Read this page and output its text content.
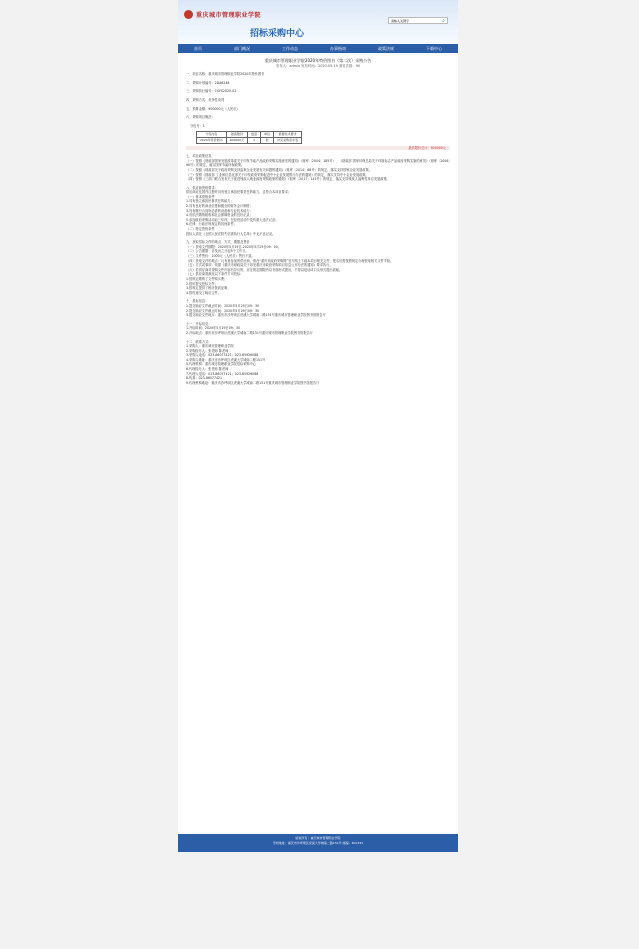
重庆城市管理职业学院
招标采购中心
请输入关键字	⌕
首页	部门概况	工作动态	办事指南	政策法规	下载中心
重庆城市管理职业学院2020年特价图书（第二次）采购公告
发布人：admin 发布时间：2020-05-19 浏览次数：90
一、项目名称：重庆城市管理职业学院2020年特价图书
二、采购计划编号：2DA6248
三、采购执行编号：CSYS2020-02
四、采购方式：竞争性谈判
五、预算金额：900000元（人民币）
六、采购项目概况：
分包号：1
分包内容	最高限价	数量	单位	最要技术要求
2020年特价图书	900000元	1	批	详见采购需求表
最高限价总计：900000元
七、项目政策信息
（一）按照《财政部国家发展改革委关于印发节能产品政府采购实施意见的通知》（财库〔2004〕185号）、《财政部 国家环保总局关于环境标志产品政府采购实施的意见》（财库〔2006〕90号）的规定，落实国家节能环保政策。
（二）按照《财政部关于政府采购支持监狱企业发展有关问题的通知》（财库〔2014〕68号）的规定，落实支持国家企业发展政策。
（三）按照《财政部 工业和信息化部关于印发政府采购促进中小企业发展暂行办法的通知》的规定，落实支持中小企业发展政策。
（四）按照《三部门联合发布关于促进残疾人就业政府采购政策的通知》（财库〔2017〕141号）的规定，落实支持残疾人福利性单位发展政策。
八、供应商资格要求：
供应商应在国内注册并具有独立承担民事责任的能力，且符合本项目要求；
（一）基本资格条件
1.具有独立承担民事责任的能力；
2.具有良好的商业信誉和健全的财务会计制度；
3.具有履行合同所必需的设备和专业技术能力；
4.有依法缴纳税收和社会保障资金的良好记录；
5.参加政府采购活动前三年内，在经营活动中没有重大违法记录；
6.法律、行政法规规定的其他条件。
（二）特定资格条件
投标人须在《全国人民法院失信被执行人名单》中无不良记录。
九、获取招标文件的地点、方式、期限及售价
（一）获取文件期限：2020年5月19日-2020年5月29日09：00。
（二）公告期限：自发出之日起5个工作日。
（三）文件售价：1000元（人民币）售后不退。
（四）获取文件的地点：凡有意参加的供应商，请在“重庆市政府采购网”官方网上下载本项目相关文件，报名后需按照规定办理获取相关文件手续。
（五）方式或事项：依据《重庆市财政局关于印发重庆市政府采购项目信息公开办法的通知》要求执行。
（六）若供应商对采购文件内容有异议的，应在规定期限内以书面形式提出，不得以电话或口头形式提出质疑。
（七）供应商需满足以下条件方可投标：
1.按规定缴纳了文件购买费；
2.按时提交投标文件；
3.按规定提供了相应资质证明；
4.按时递交了响应文件。
十、投标信息：
1.提交响应文件截止时间：2020年5月29日09：30
2.提交响应文件截止时间：2020年5月29日09：30
3.提交响应文件地点：重庆市沙坪坝区虎溪大学城南二路151号重庆城市管理职业学院图书馆报告厅
十一、开标信息：
1.开标时间：2020年5月29日09：30
2.开标地点：重庆市沙坪坝区虎溪大学城南二路151号重庆城市管理职业学院图书馆报告厅
十二、联系方式：
1.采购人：重庆城市管理职业学院
2.采购经办人：张老师 陈老师
3.采购人电话：023-86077421；023-65926088
4.采购人地址：重庆市沙坪坝区虎溪大学城南二路151号
5.代理机构：重庆城市管理职业学院招标采购中心
6.代理经办人：张老师 陈老师
7.代理人电话：023-86077421；023-65926088
8.传真：023-86077421
9.代理机构地址：重庆市沙坪坝区虎溪大学城南二路151号重庆城市管理职业学院图书馆报告厅
版权所有：重庆城市管理职业学院
学校地址：重庆市沙坪坝区虎溪大学城南二路151号 邮编：401331
